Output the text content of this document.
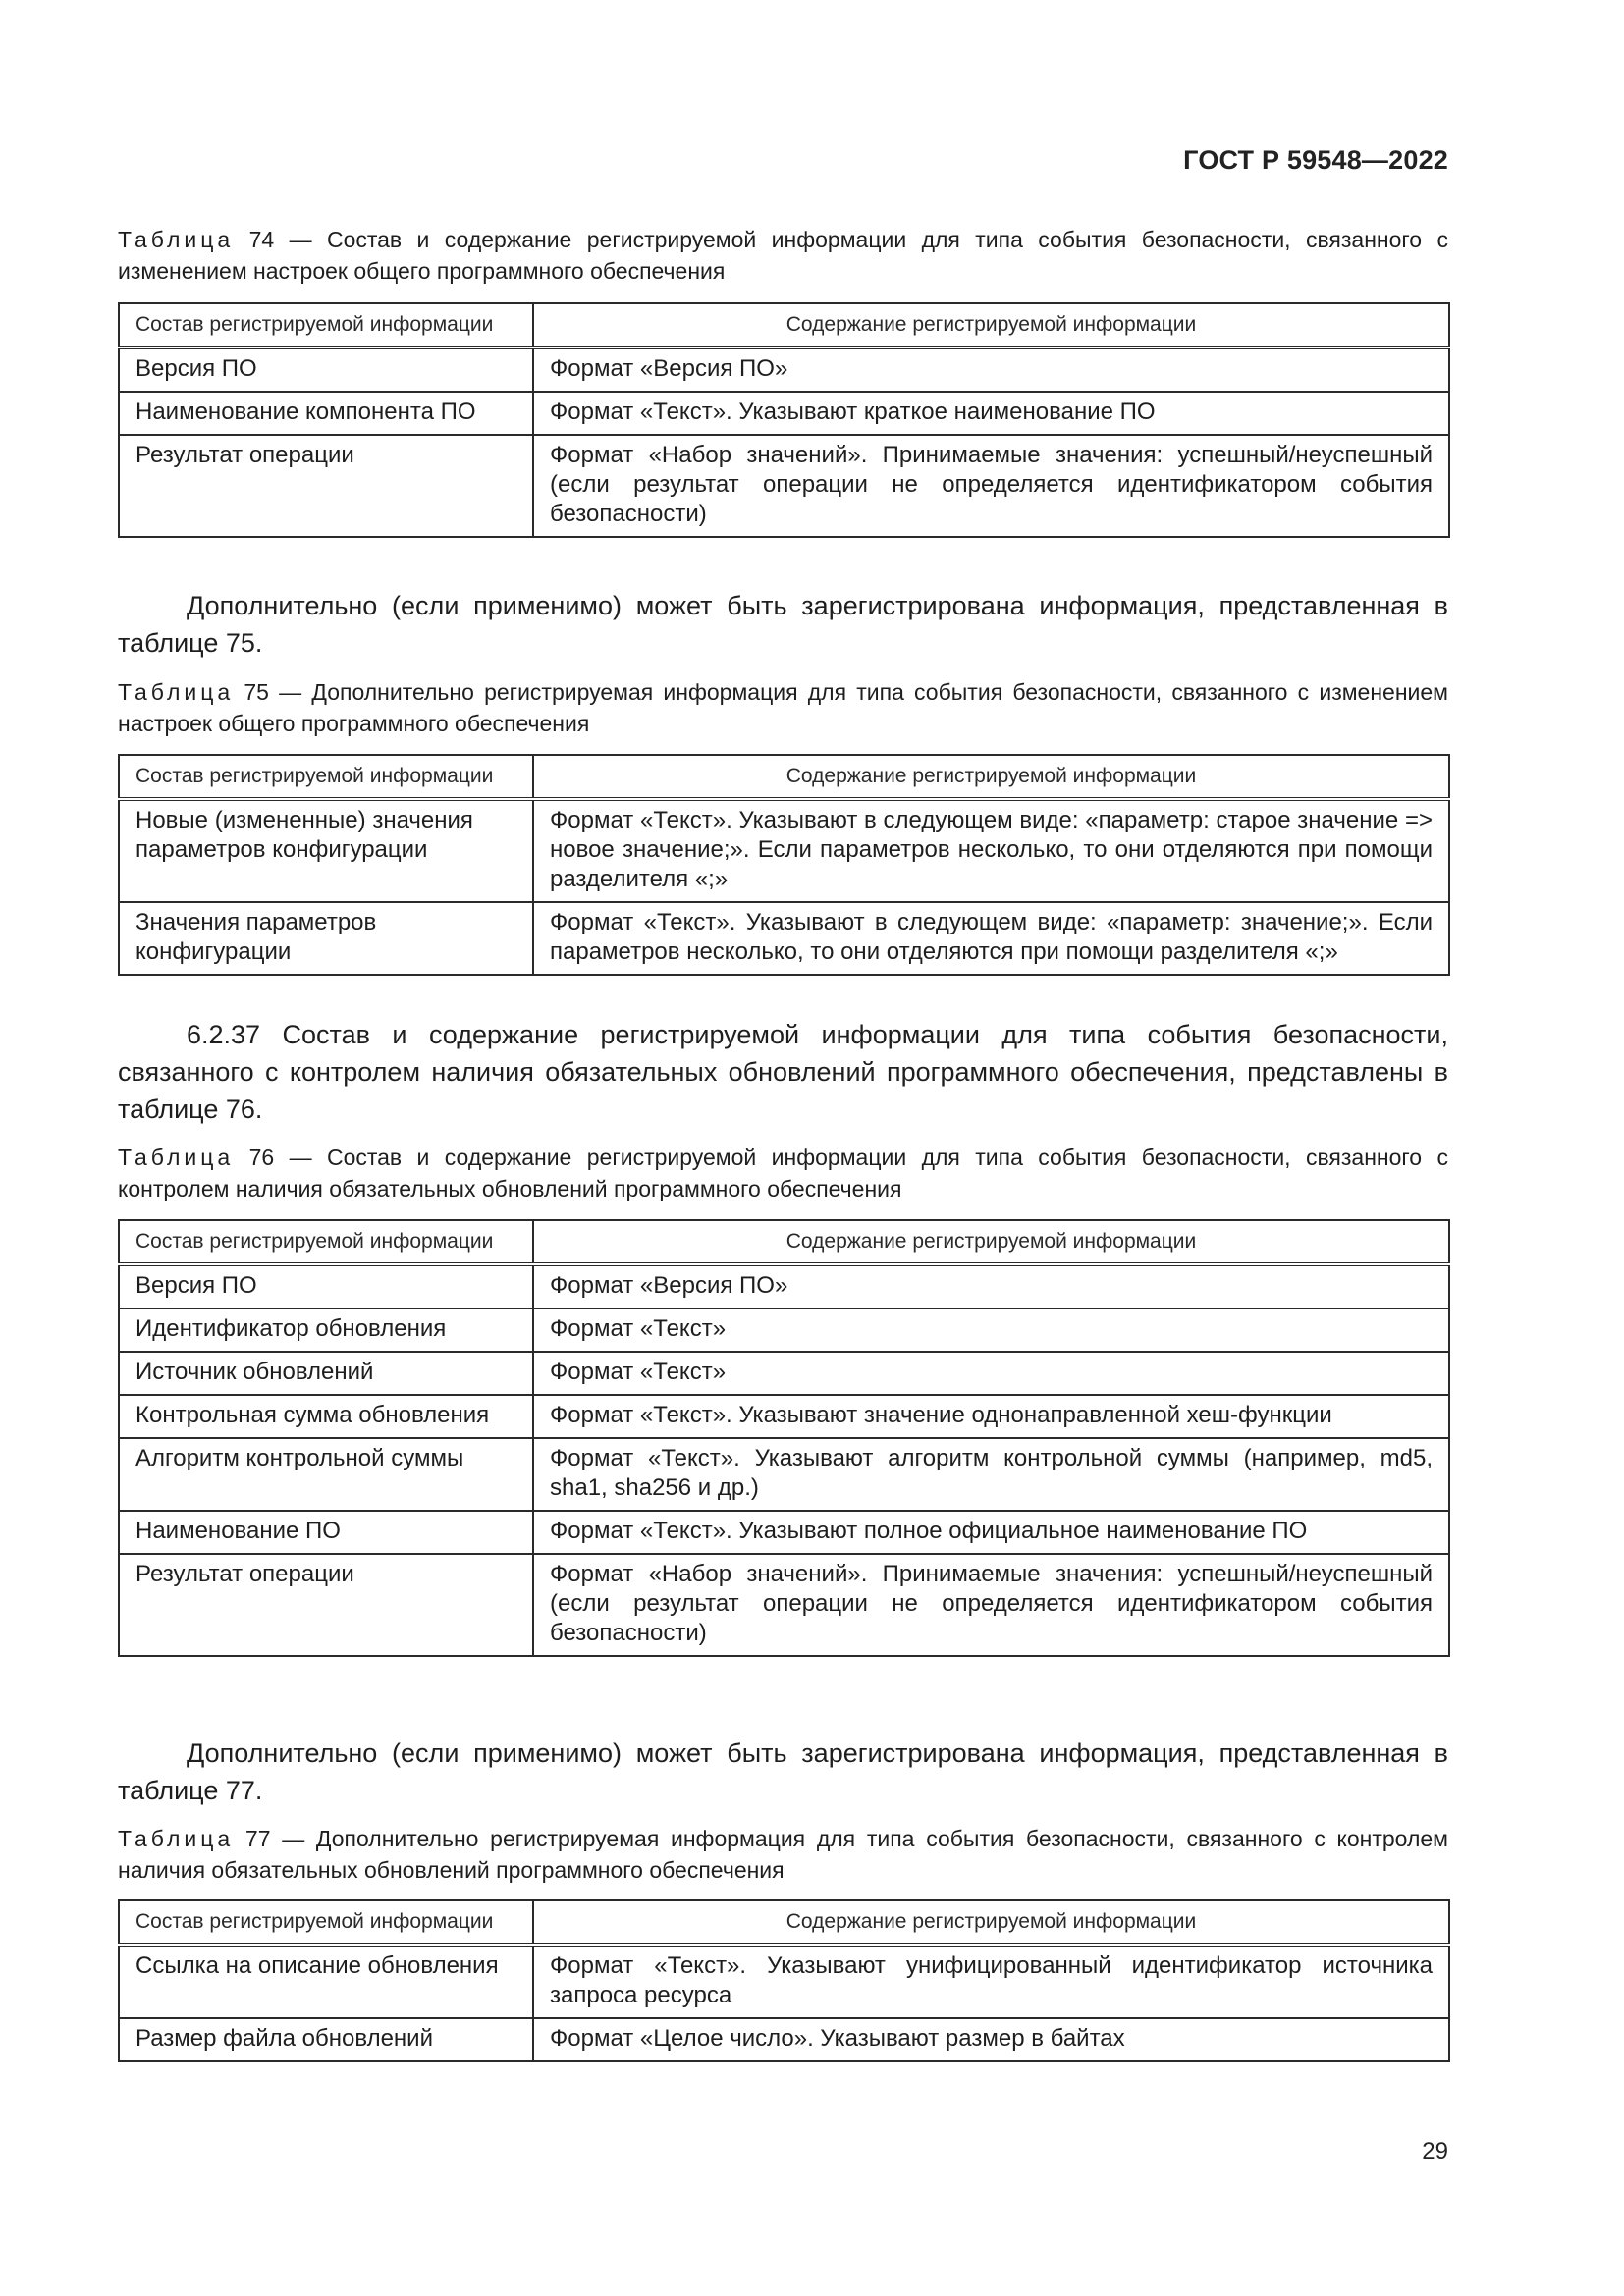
ГОСТ Р 59548—2022
Таблица 74 — Состав и содержание регистрируемой информации для типа события безопасности, связанного с изменением настроек общего программного обеспечения
Состав регистрируемой информации	Содержание регистрируемой информации
Версия ПО	Формат «Версия ПО»
Наименование компонента ПО	Формат «Текст». Указывают краткое наименование ПО
Результат операции	Формат «Набор значений». Принимаемые значения: успешный/неуспешный (если результат операции не определяется идентификатором события безопасности)
Дополнительно (если применимо) может быть зарегистрирована информация, представленная в таблице 75.
Таблица 75 — Дополнительно регистрируемая информация для типа события безопасности, связанного с изменением настроек общего программного обеспечения
Состав регистрируемой информации	Содержание регистрируемой информации
Новые (измененные) значения параметров конфигурации	Формат «Текст». Указывают в следующем виде: «параметр: старое значение => новое значение;». Если параметров несколько, то они отделяются при помощи разделителя «;»
Значения параметров конфигурации	Формат «Текст». Указывают в следующем виде: «параметр: значение;». Если параметров несколько, то они отделяются при помощи разделителя «;»
6.2.37 Состав и содержание регистрируемой информации для типа события безопасности, связанного с контролем наличия обязательных обновлений программного обеспечения, представлены в таблице 76.
Таблица 76 — Состав и содержание регистрируемой информации для типа события безопасности, связанного с контролем наличия обязательных обновлений программного обеспечения
Состав регистрируемой информации	Содержание регистрируемой информации
Версия ПО	Формат «Версия ПО»
Идентификатор обновления	Формат «Текст»
Источник обновлений	Формат «Текст»
Контрольная сумма обновления	Формат «Текст». Указывают значение однонаправленной хеш-функции
Алгоритм контрольной суммы	Формат «Текст». Указывают алгоритм контрольной суммы (например, md5, sha1, sha256 и др.)
Наименование ПО	Формат «Текст». Указывают полное официальное наименование ПО
Результат операции	Формат «Набор значений». Принимаемые значения: успешный/неуспешный (если результат операции не определяется идентификатором события безопасности)
Дополнительно (если применимо) может быть зарегистрирована информация, представленная в таблице 77.
Таблица 77 — Дополнительно регистрируемая информация для типа события безопасности, связанного с контролем наличия обязательных обновлений программного обеспечения
Состав регистрируемой информации	Содержание регистрируемой информации
Ссылка на описание обновления	Формат «Текст». Указывают унифицированный идентификатор источника запроса ресурса
Размер файла обновлений	Формат «Целое число». Указывают размер в байтах
29
